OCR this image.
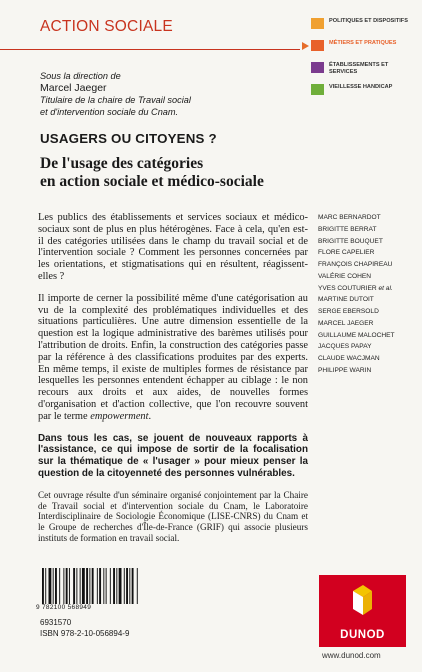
ACTION SOCIALE	POLITIQUES ET DISPOSITIFS
MÉTIERS ET PRATIQUES
ÉTABLISSEMENTS ET SERVICES
VIEILLESSE HANDICAP
Sous la direction de
Marcel Jaeger
Titulaire de la chaire de Travail social
et d'intervention sociale du Cnam.
USAGERS OU CITOYENS ?
De l'usage des catégories
en action sociale et médico-sociale

Les publics des établissements et services sociaux et médico-sociaux sont de plus en plus hétérogènes. Face à cela, qu'en est-il des catégories utilisées dans le champ du travail social et de l'intervention sociale ? Comment les personnes concernées par les orientations, et stigmatisations qui en résultent, réagissent-elles ?

Il importe de cerner la possibilité même d'une catégorisation au vu de la complexité des problématiques individuelles et des situations particulières. Une autre dimension essentielle de la question est la logique administrative des barèmes utilisés pour l'attribution de droits. Enfin, la construction des catégories passe par la référence à des classifications produites par des experts. En même temps, il existe de multiples formes de résistance par lesquelles les personnes entendent échapper au ciblage : le non recours aux droits et aux aides, de nouvelles formes d'organisation et d'action collective, que l'on recouvre souvent par le terme empowerment.

Dans tous les cas, se jouent de nouveaux rapports à l'assistance, ce qui impose de sortir de la focalisation sur la thématique de « l'usager » pour mieux penser la question de la citoyenneté des personnes vulnérables.

Cet ouvrage résulte d'un séminaire organisé conjointement par la Chaire de Travail social et d'intervention sociale du Cnam, le Laboratoire Interdisciplinaire de Sociologie Économique (LISE-CNRS) du Cnam et le Groupe de recherches d'Île-de-France (GRIF) qui associe plusieurs instituts de formation en travail social.

MARC BERNARDOT
BRIGITTE BERRAT
BRIGITTE BOUQUET
FLORE CAPELIER
FRANÇOIS CHAPIREAU
VALÉRIE COHEN
YVES COUTURIER et al.
MARTINE DUTOIT
SERGE EBERSOLD
MARCEL JAEGER
GUILLAUME MALOCHET
JACQUES PAPAY
CLAUDE WACJMAN
PHILIPPE WARIN
9 782100 568949
6931570
ISBN 978-2-10-056894-9	DUNOD
www.dunod.com
